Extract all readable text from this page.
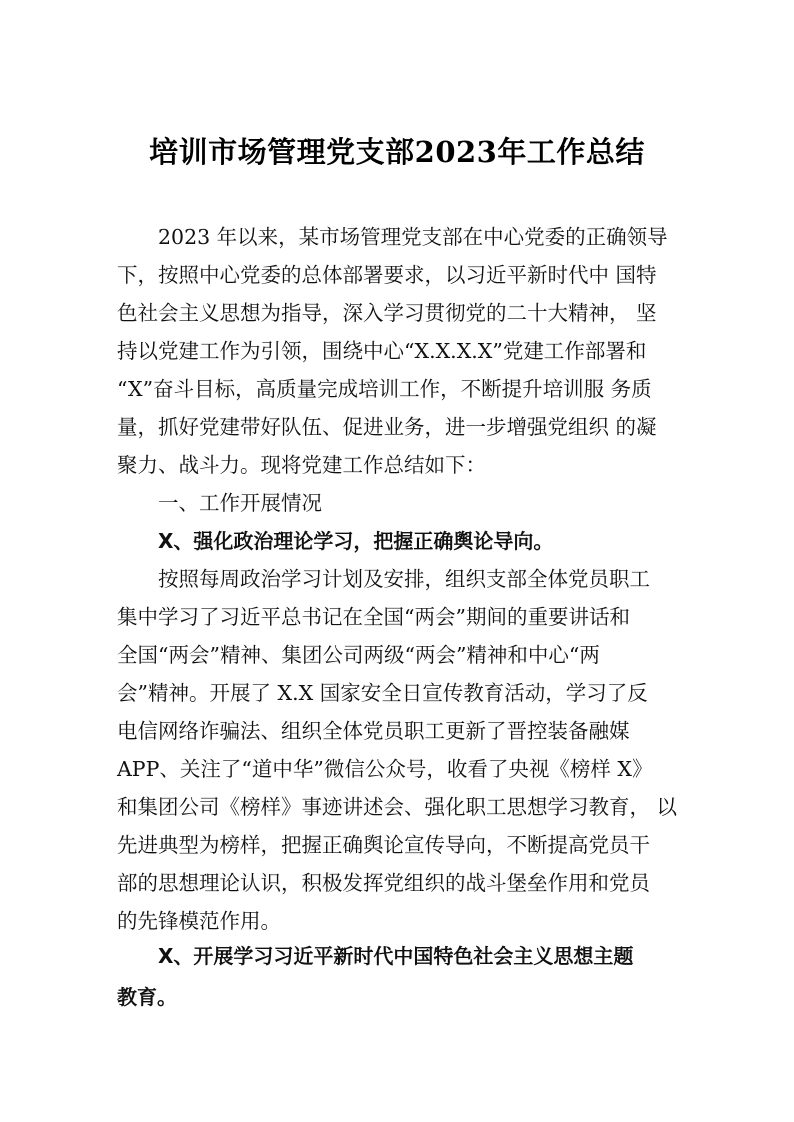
培训市场管理党支部2023年工作总结
2023 年以来，某市场管理党支部在中心党委的正确领导
下，按照中心党委的总体部署要求，以习近平新时代中 国特
色社会主义思想为指导，深入学习贯彻党的二十大精神， 坚
持以党建工作为引领，围绕中心“X.X.X.X”党建工作部署和
“X”奋斗目标，高质量完成培训工作，不断提升培训服 务质
量，抓好党建带好队伍、促进业务，进一步增强党组织 的凝
聚力、战斗力。现将党建工作总结如下：
一、工作开展情况
X、强化政治理论学习，把握正确舆论导向。
按照每周政治学习计划及安排，组织支部全体党员职工
集中学习了习近平总书记在全国“两会”期间的重要讲话和
全国“两会”精神、集团公司两级“两会”精神和中心“两
会”精神。开展了 X.X 国家安全日宣传教育活动，学习了反
电信网络诈骗法、组织全体党员职工更新了晋控装备融媒
APP、关注了“道中华”微信公众号，收看了央视《榜样 X》
和集团公司《榜样》事迹讲述会、强化职工思想学习教育， 以
先进典型为榜样，把握正确舆论宣传导向，不断提高党员干
部的思想理论认识，积极发挥党组织的战斗堡垒作用和党员
的先锋模范作用。
X、开展学习习近平新时代中国特色社会主义思想主题
教育。
